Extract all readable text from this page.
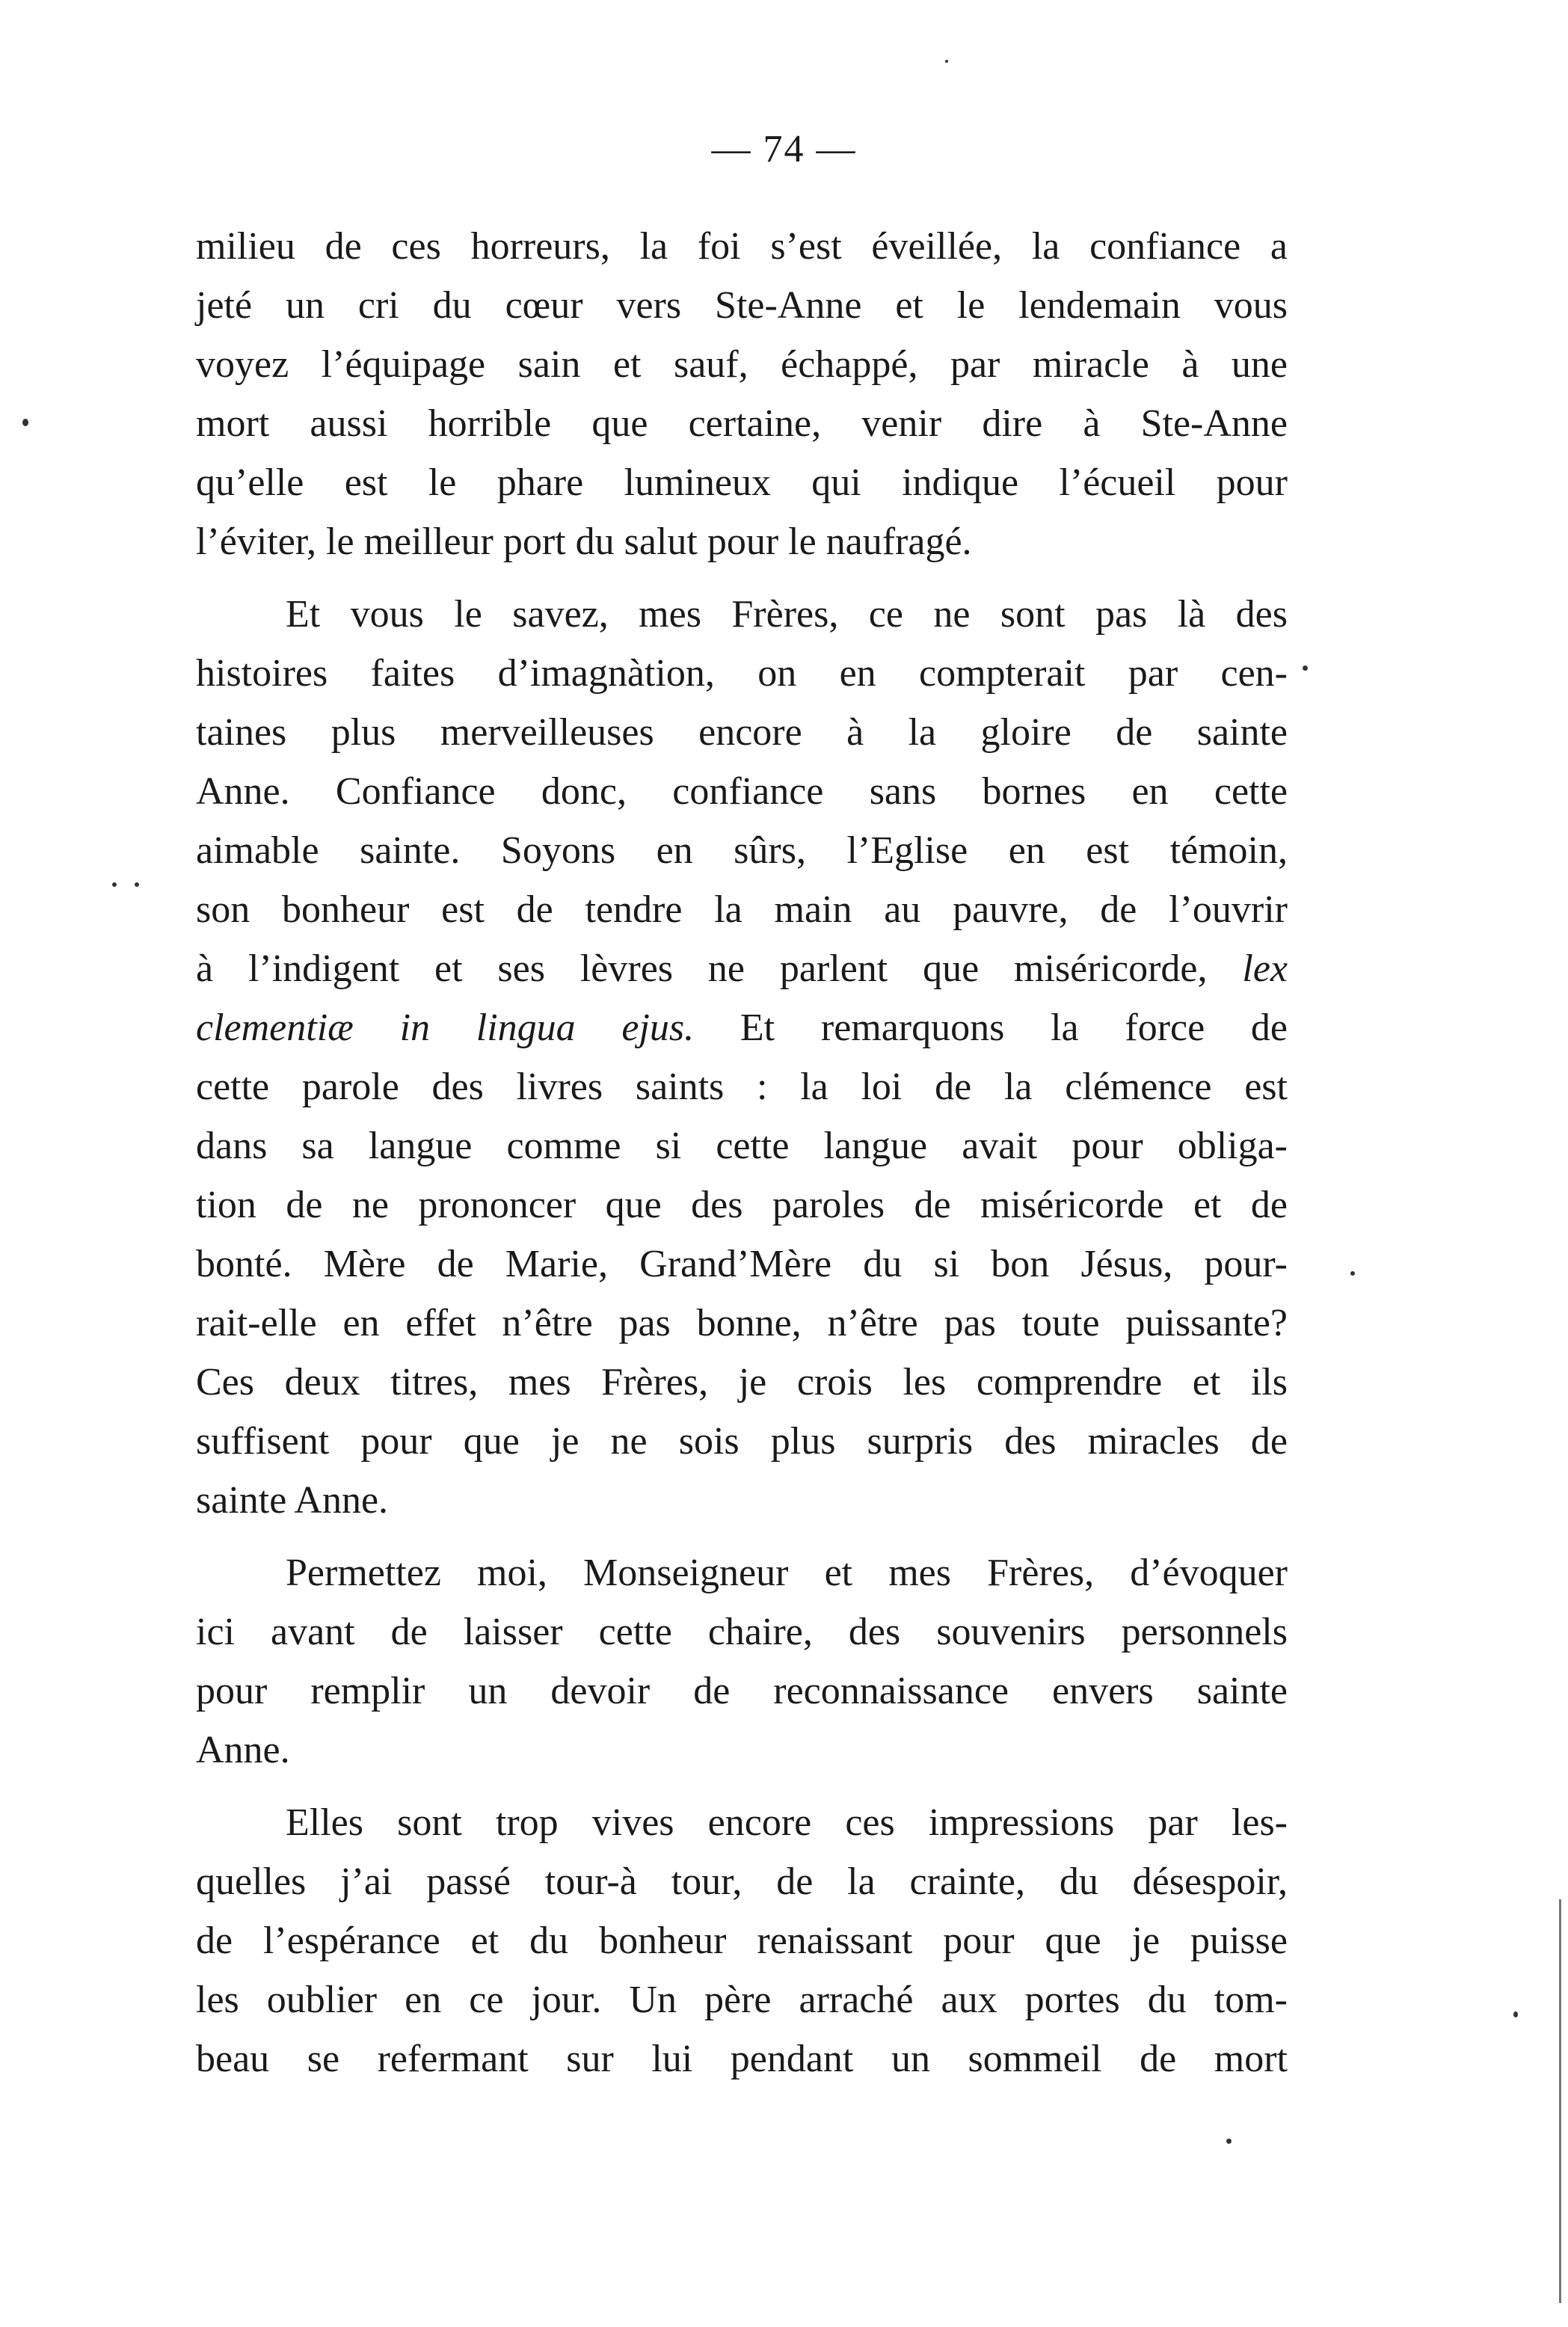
— 74 —
milieu de ces horreurs, la foi s’est éveillée, la confiance a
jeté un cri du cœur vers Ste-Anne et le lendemain vous
voyez l’équipage sain et sauf, échappé, par miracle à une
mort aussi horrible que certaine, venir dire à Ste-Anne
qu’elle est le phare lumineux qui indique l’écueil pour
l’éviter, le meilleur port du salut pour le naufragé.
Et vous le savez, mes Frères, ce ne sont pas là des
histoires faites d’imagnàtion, on en compterait par cen-
taines plus merveilleuses encore à la gloire de sainte
Anne. Confiance donc, confiance sans bornes en cette
aimable sainte. Soyons en sûrs, l’Eglise en est témoin,
son bonheur est de tendre la main au pauvre, de l’ouvrir
à l’indigent et ses lèvres ne parlent que miséricorde, lex
clementiæ in lingua ejus. Et remarquons la force de
cette parole des livres saints : la loi de la clémence est
dans sa langue comme si cette langue avait pour obliga-
tion de ne prononcer que des paroles de miséricorde et de
bonté. Mère de Marie, Grand’Mère du si bon Jésus, pour-
rait-elle en effet n’être pas bonne, n’être pas toute puissante?
Ces deux titres, mes Frères, je crois les comprendre et ils
suffisent pour que je ne sois plus surpris des miracles de
sainte Anne.
Permettez moi, Monseigneur et mes Frères, d’évoquer
ici avant de laisser cette chaire, des souvenirs personnels
pour remplir un devoir de reconnaissance envers sainte
Anne.
Elles sont trop vives encore ces impressions par les-
quelles j’ai passé tour-à tour, de la crainte, du désespoir,
de l’espérance et du bonheur renaissant pour que je puisse
les oublier en ce jour. Un père arraché aux portes du tom-
beau se refermant sur lui pendant un sommeil de mort
